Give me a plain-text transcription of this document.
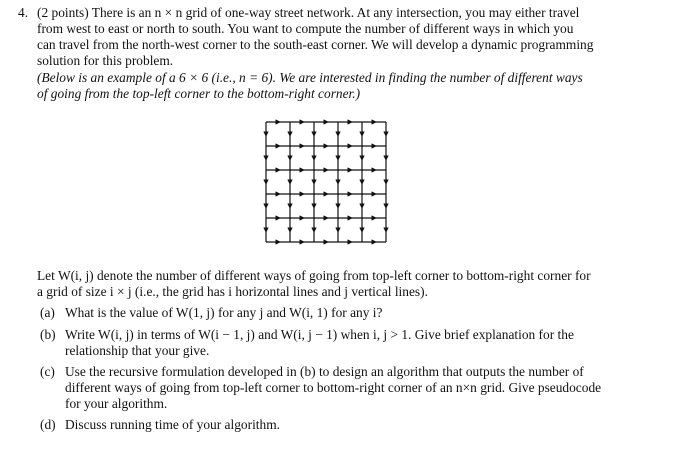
4. (2 points) There is an n × n grid of one-way street network. At any intersection, you may either travel
from west to east or north to south. You want to compute the number of different ways in which you
can travel from the north-west corner to the south-east corner. We will develop a dynamic programming
solution for this problem.
(Below is an example of a 6 × 6 (i.e., n = 6). We are interested in finding the number of different ways
of going from the top-left corner to the bottom-right corner.)
Let W(i, j) denote the number of different ways of going from top-left corner to bottom-right corner for
a grid of size i × j (i.e., the grid has i horizontal lines and j vertical lines).
(a) What is the value of W(1, j) for any j and W(i, 1) for any i?
(b) Write W(i, j) in terms of W(i − 1, j) and W(i, j − 1) when i, j > 1. Give brief explanation for the
relationship that your give.
(c) Use the recursive formulation developed in (b) to design an algorithm that outputs the number of
different ways of going from top-left corner to bottom-right corner of an n×n grid. Give pseudocode
for your algorithm.
(d) Discuss running time of your algorithm.
